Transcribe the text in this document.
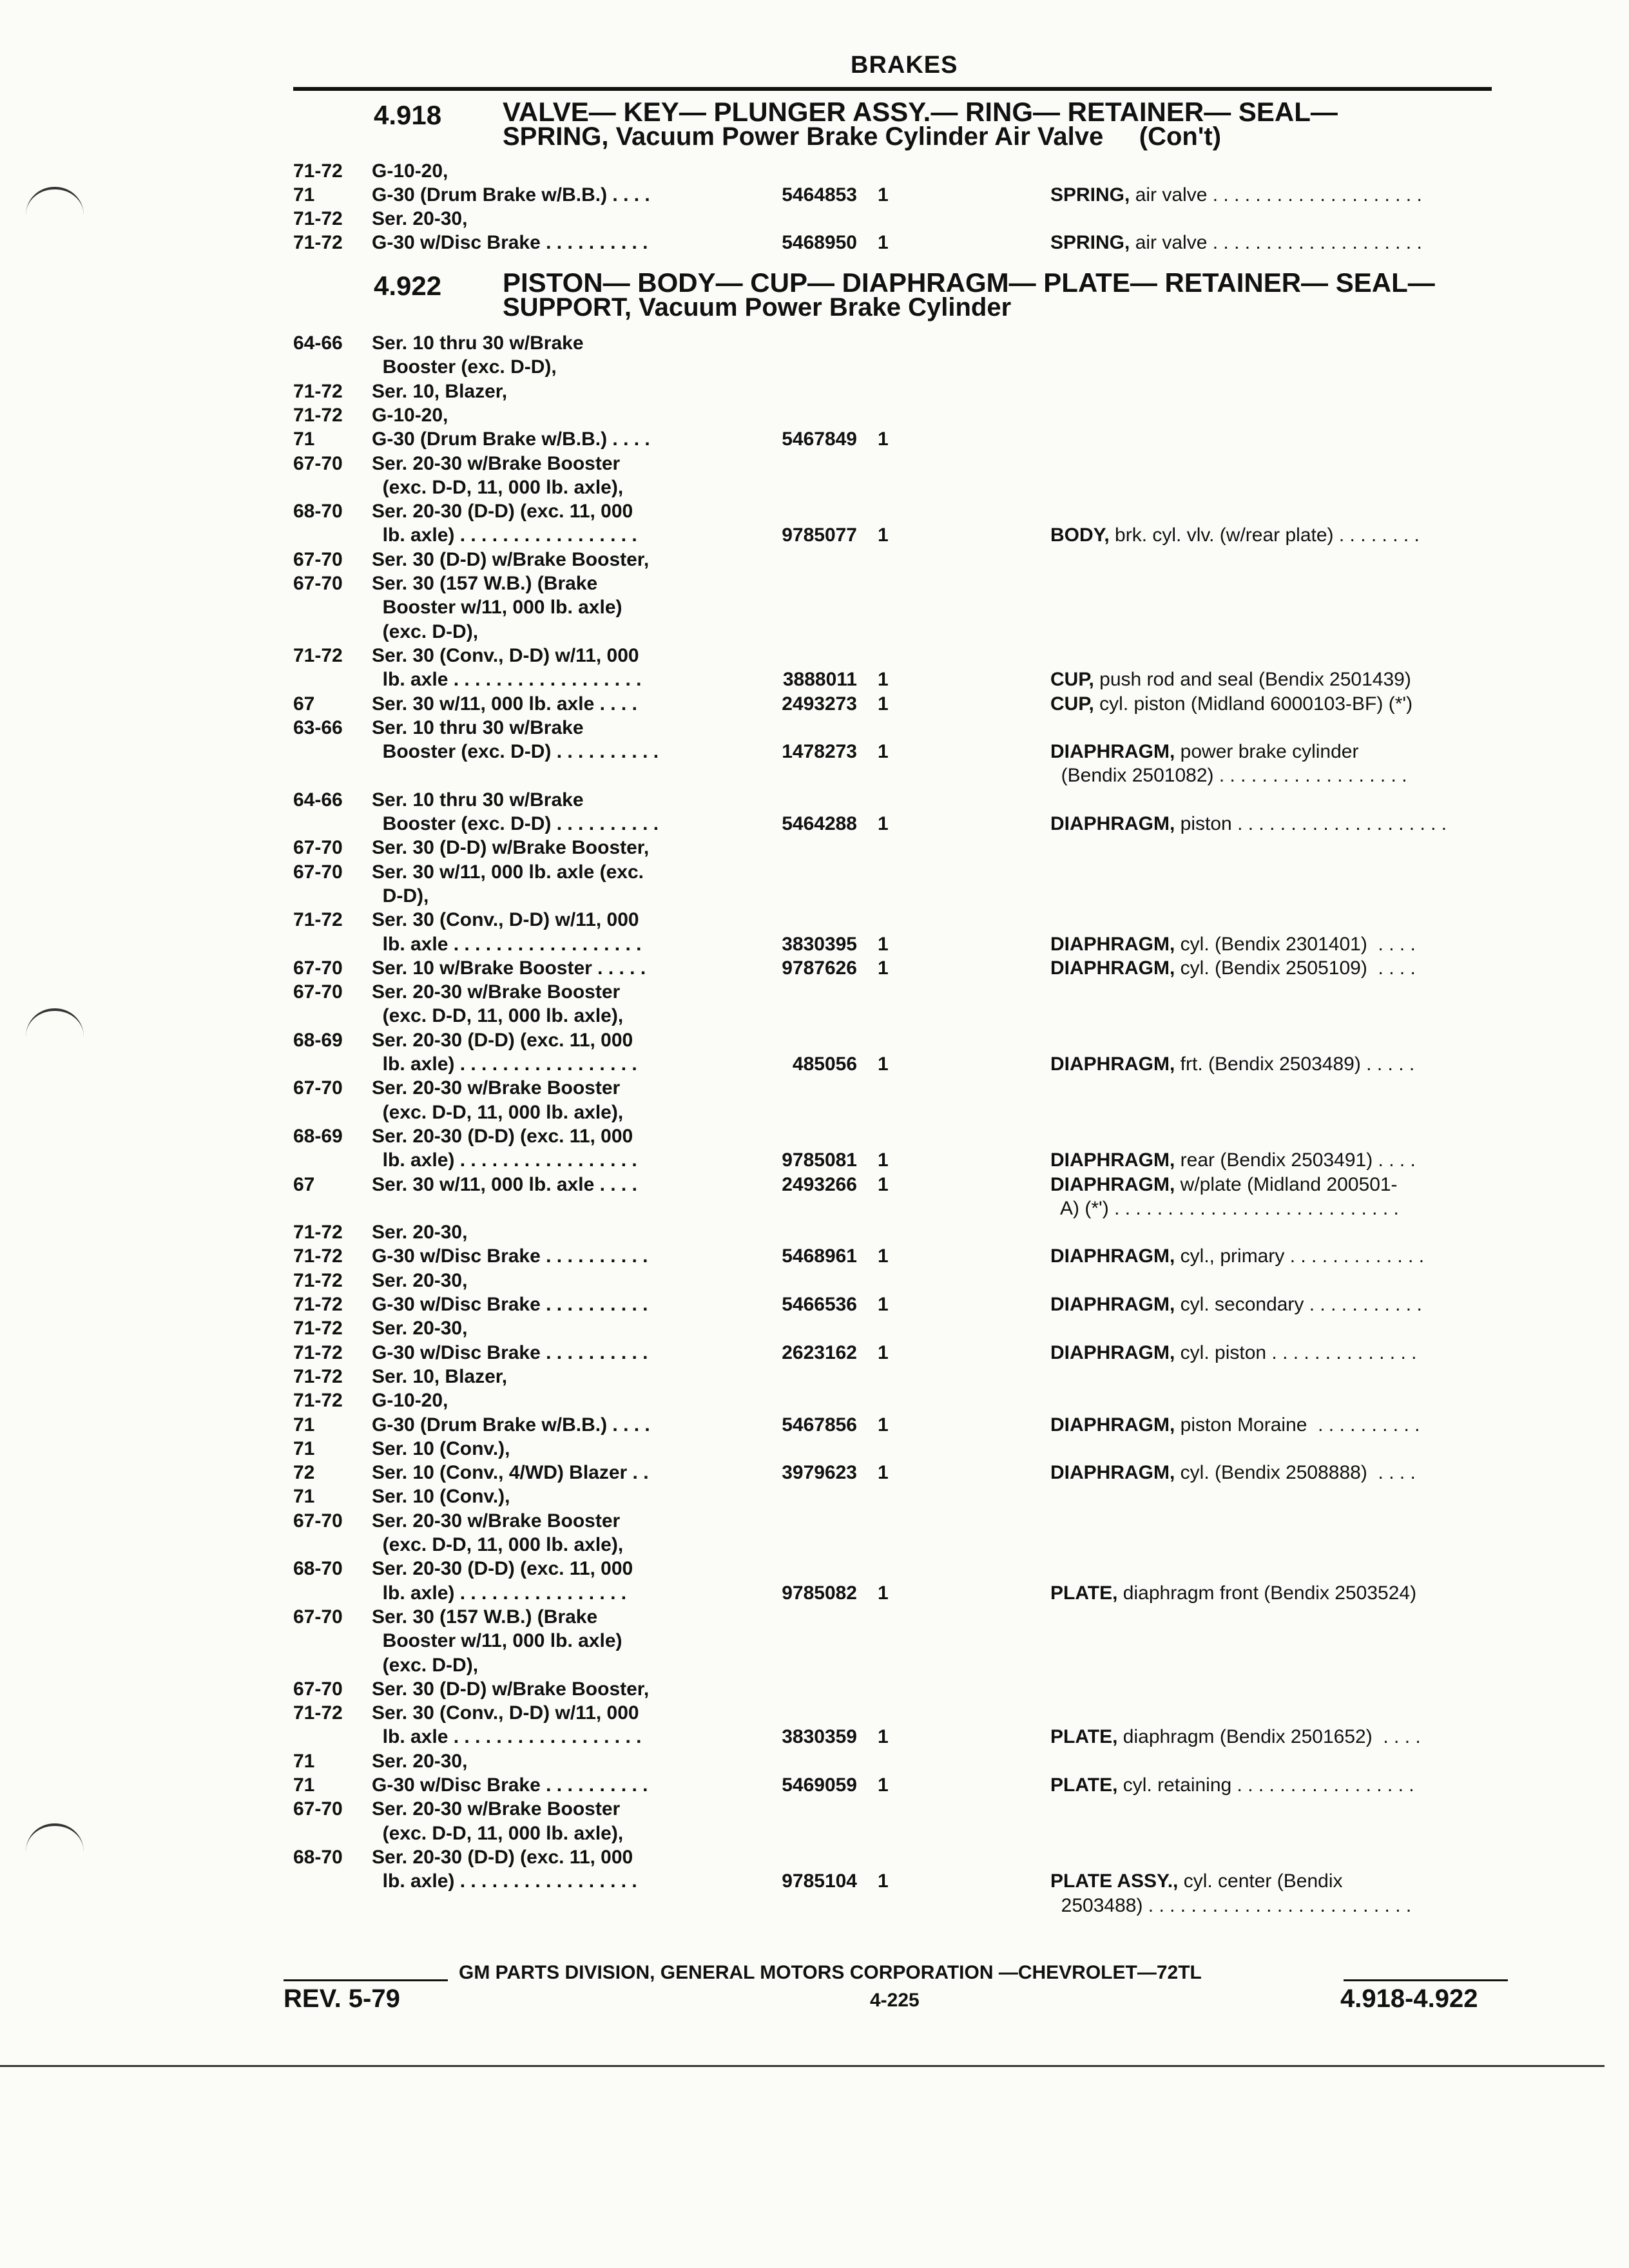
BRAKES
4.918 VALVE— KEY— PLUNGER ASSY.— RING— RETAINER— SEAL—
SPRING, Vacuum Power Brake Cylinder Air Valve     (Con't)
71-72	G-10-20,
71	G-30 (Drum Brake w/B.B.) . . . .	5464853 1	SPRING, air valve . . . . . . . . . . . . . . . . . . . .
71-72	Ser. 20-30,
71-72	G-30 w/Disc Brake . . . . . . . . . .	5468950 1	SPRING, air valve . . . . . . . . . . . . . . . . . . . .
4.922 PISTON— BODY— CUP— DIAPHRAGM— PLATE— RETAINER— SEAL—
SUPPORT, Vacuum Power Brake Cylinder
64-66	Ser. 10 thru 30 w/Brake
Booster (exc. D-D),
71-72	Ser. 10, Blazer,
71-72	G-10-20,
71	G-30 (Drum Brake w/B.B.) . . . .	5467849 1
67-70	Ser. 20-30 w/Brake Booster
(exc. D-D, 11, 000 lb. axle),
68-70	Ser. 20-30 (D-D) (exc. 11, 000
lb. axle) . . . . . . . . . . . . . . . . .	9785077 1	BODY, brk. cyl. vlv. (w/rear plate) . . . . . . . .
67-70	Ser. 30 (D-D) w/Brake Booster,
67-70	Ser. 30 (157 W.B.) (Brake
Booster w/11, 000 lb. axle)
(exc. D-D),
71-72	Ser. 30 (Conv., D-D) w/11, 000
lb. axle . . . . . . . . . . . . . . . . . .	3888011 1	CUP, push rod and seal (Bendix 2501439)
67	Ser. 30 w/11, 000 lb. axle . . . .	2493273 1	CUP, cyl. piston (Midland 6000103-BF) (*')
63-66	Ser. 10 thru 30 w/Brake
Booster (exc. D-D) . . . . . . . . . .	1478273 1	DIAPHRAGM, power brake cylinder
(Bendix 2501082) . . . . . . . . . . . . . . . . . .
64-66	Ser. 10 thru 30 w/Brake
Booster (exc. D-D) . . . . . . . . . .	5464288 1	DIAPHRAGM, piston . . . . . . . . . . . . . . . . . . . .
67-70	Ser. 30 (D-D) w/Brake Booster,
67-70	Ser. 30 w/11, 000 lb. axle (exc.
D-D),
71-72	Ser. 30 (Conv., D-D) w/11, 000
lb. axle . . . . . . . . . . . . . . . . . .	3830395 1	DIAPHRAGM, cyl. (Bendix 2301401)  . . . .
67-70	Ser. 10 w/Brake Booster . . . . .	9787626 1	DIAPHRAGM, cyl. (Bendix 2505109)  . . . .
67-70	Ser. 20-30 w/Brake Booster
(exc. D-D, 11, 000 lb. axle),
68-69	Ser. 20-30 (D-D) (exc. 11, 000
lb. axle) . . . . . . . . . . . . . . . . .	485056 1	DIAPHRAGM, frt. (Bendix 2503489) . . . . .
67-70	Ser. 20-30 w/Brake Booster
(exc. D-D, 11, 000 lb. axle),
68-69	Ser. 20-30 (D-D) (exc. 11, 000
lb. axle) . . . . . . . . . . . . . . . . .	9785081 1	DIAPHRAGM, rear (Bendix 2503491) . . . .
67	Ser. 30 w/11, 000 lb. axle . . . .	2493266 1	DIAPHRAGM, w/plate (Midland 200501-
A) (*') . . . . . . . . . . . . . . . . . . . . . . . . . . .
71-72	Ser. 20-30,
71-72	G-30 w/Disc Brake . . . . . . . . . .	5468961 1	DIAPHRAGM, cyl., primary . . . . . . . . . . . . .
71-72	Ser. 20-30,
71-72	G-30 w/Disc Brake . . . . . . . . . .	5466536 1	DIAPHRAGM, cyl. secondary . . . . . . . . . . .
71-72	Ser. 20-30,
71-72	G-30 w/Disc Brake . . . . . . . . . .	2623162 1	DIAPHRAGM, cyl. piston . . . . . . . . . . . . . .
71-72	Ser. 10, Blazer,
71-72	G-10-20,
71	G-30 (Drum Brake w/B.B.) . . . .	5467856 1	DIAPHRAGM, piston Moraine  . . . . . . . . . .
71	Ser. 10 (Conv.),
72	Ser. 10 (Conv., 4/WD) Blazer . .	3979623 1	DIAPHRAGM, cyl. (Bendix 2508888)  . . . .
71	Ser. 10 (Conv.),
67-70	Ser. 20-30 w/Brake Booster
(exc. D-D, 11, 000 lb. axle),
68-70	Ser. 20-30 (D-D) (exc. 11, 000
lb. axle) . . . . . . . . . . . . . . . .	9785082 1	PLATE, diaphragm front (Bendix 2503524)
67-70	Ser. 30 (157 W.B.) (Brake
Booster w/11, 000 lb. axle)
(exc. D-D),
67-70	Ser. 30 (D-D) w/Brake Booster,
71-72	Ser. 30 (Conv., D-D) w/11, 000
lb. axle . . . . . . . . . . . . . . . . . .	3830359 1	PLATE, diaphragm (Bendix 2501652)  . . . .
71	Ser. 20-30,
71	G-30 w/Disc Brake . . . . . . . . . .	5469059 1	PLATE, cyl. retaining . . . . . . . . . . . . . . . . .
67-70	Ser. 20-30 w/Brake Booster
(exc. D-D, 11, 000 lb. axle),
68-70	Ser. 20-30 (D-D) (exc. 11, 000
lb. axle) . . . . . . . . . . . . . . . . .	9785104 1	PLATE ASSY., cyl. center (Bendix
2503488) . . . . . . . . . . . . . . . . . . . . . . . . .
GM PARTS DIVISION, GENERAL MOTORS CORPORATION —CHEVROLET—72TL
REV. 5-79	4-225	4.918-4.922
